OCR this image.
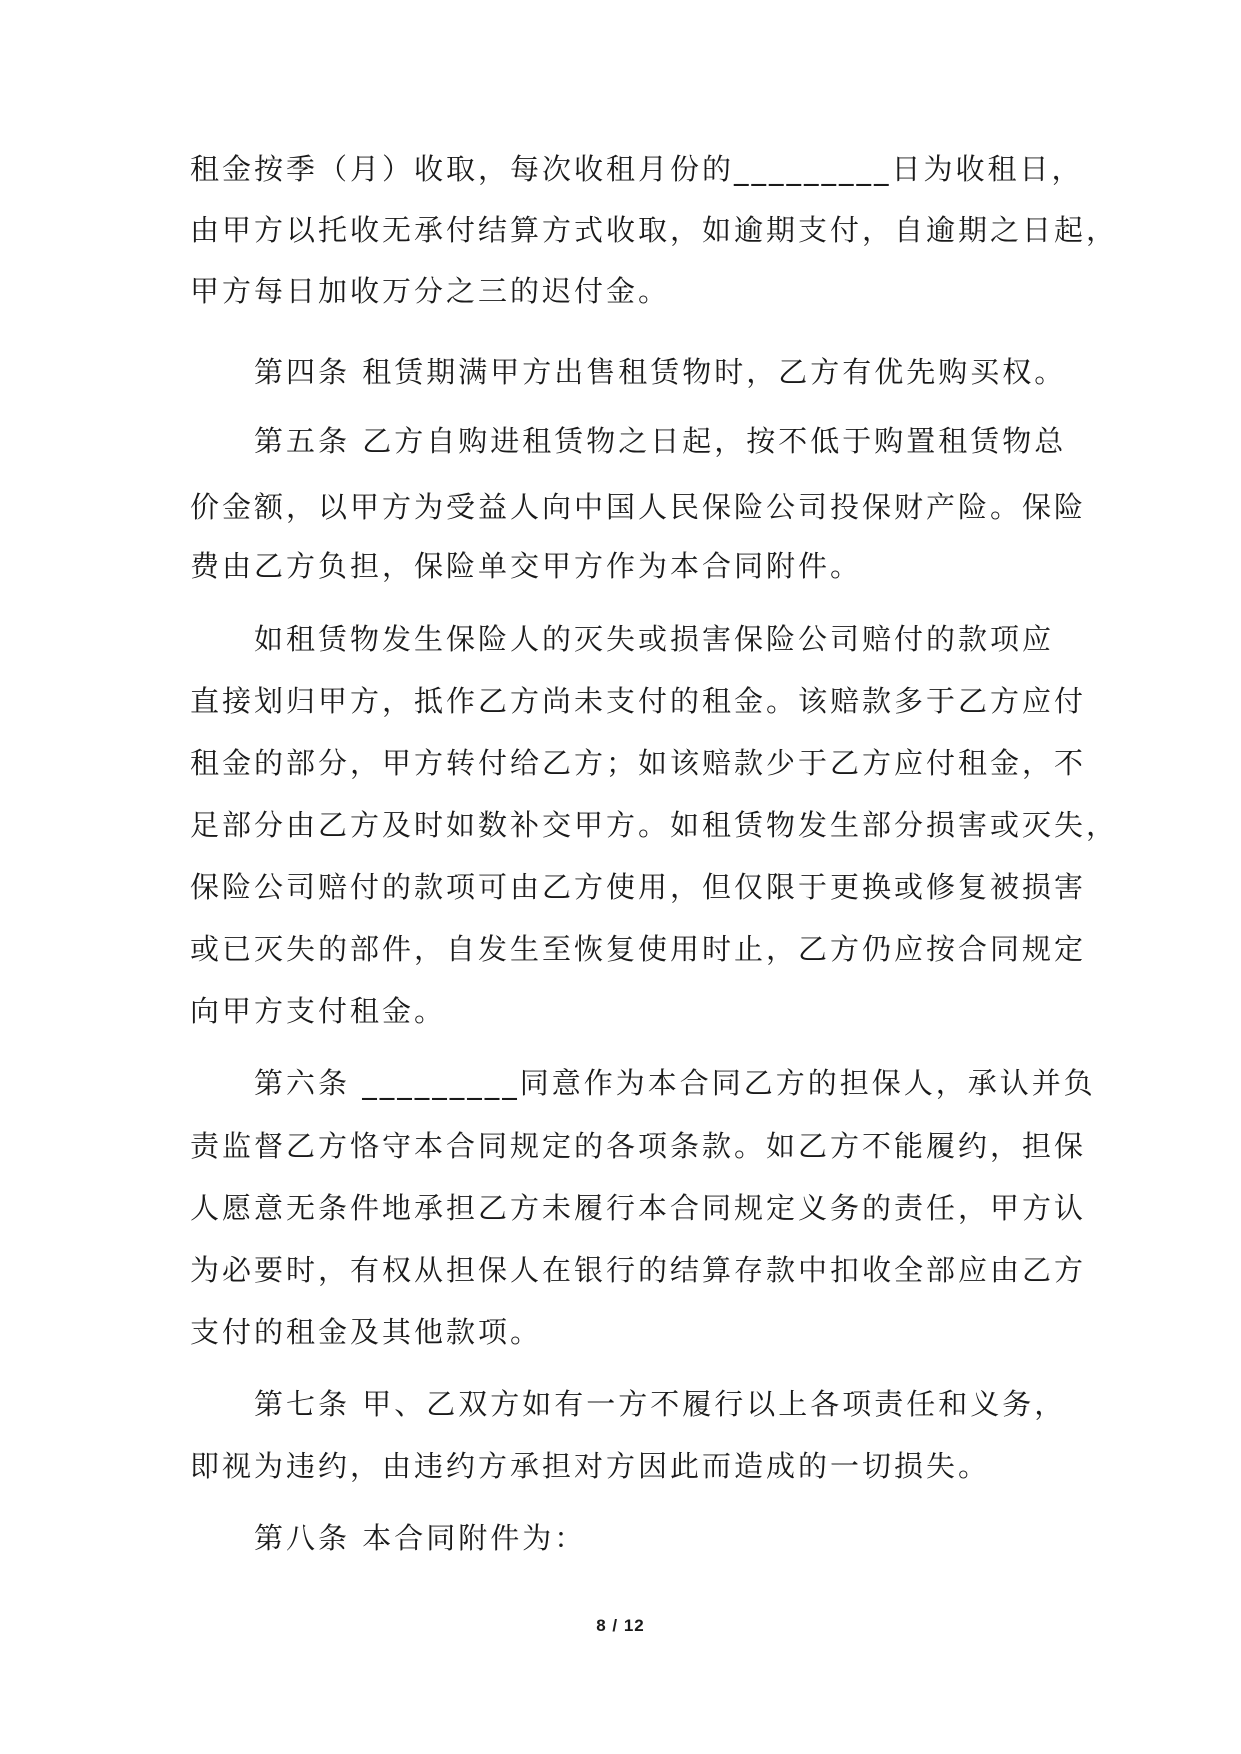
租金按季（月）收取，每次收租月份的_________日为收租日，
由甲方以托收无承付结算方式收取，如逾期支付，自逾期之日起，
甲方每日加收万分之三的迟付金。
第四条 租赁期满甲方出售租赁物时，乙方有优先购买权。
第五条 乙方自购进租赁物之日起，按不低于购置租赁物总
价金额，以甲方为受益人向中国人民保险公司投保财产险。保险
费由乙方负担，保险单交甲方作为本合同附件。
如租赁物发生保险人的灭失或损害保险公司赔付的款项应
直接划归甲方，抵作乙方尚未支付的租金。该赔款多于乙方应付
租金的部分，甲方转付给乙方；如该赔款少于乙方应付租金，不
足部分由乙方及时如数补交甲方。如租赁物发生部分损害或灭失，
保险公司赔付的款项可由乙方使用，但仅限于更换或修复被损害
或已灭失的部件，自发生至恢复使用时止，乙方仍应按合同规定
向甲方支付租金。
第六条 _________同意作为本合同乙方的担保人，承认并负
责监督乙方恪守本合同规定的各项条款。如乙方不能履约，担保
人愿意无条件地承担乙方未履行本合同规定义务的责任，甲方认
为必要时，有权从担保人在银行的结算存款中扣收全部应由乙方
支付的租金及其他款项。
第七条 甲、乙双方如有一方不履行以上各项责任和义务，
即视为违约，由违约方承担对方因此而造成的一切损失。
第八条 本合同附件为：
8 / 12
